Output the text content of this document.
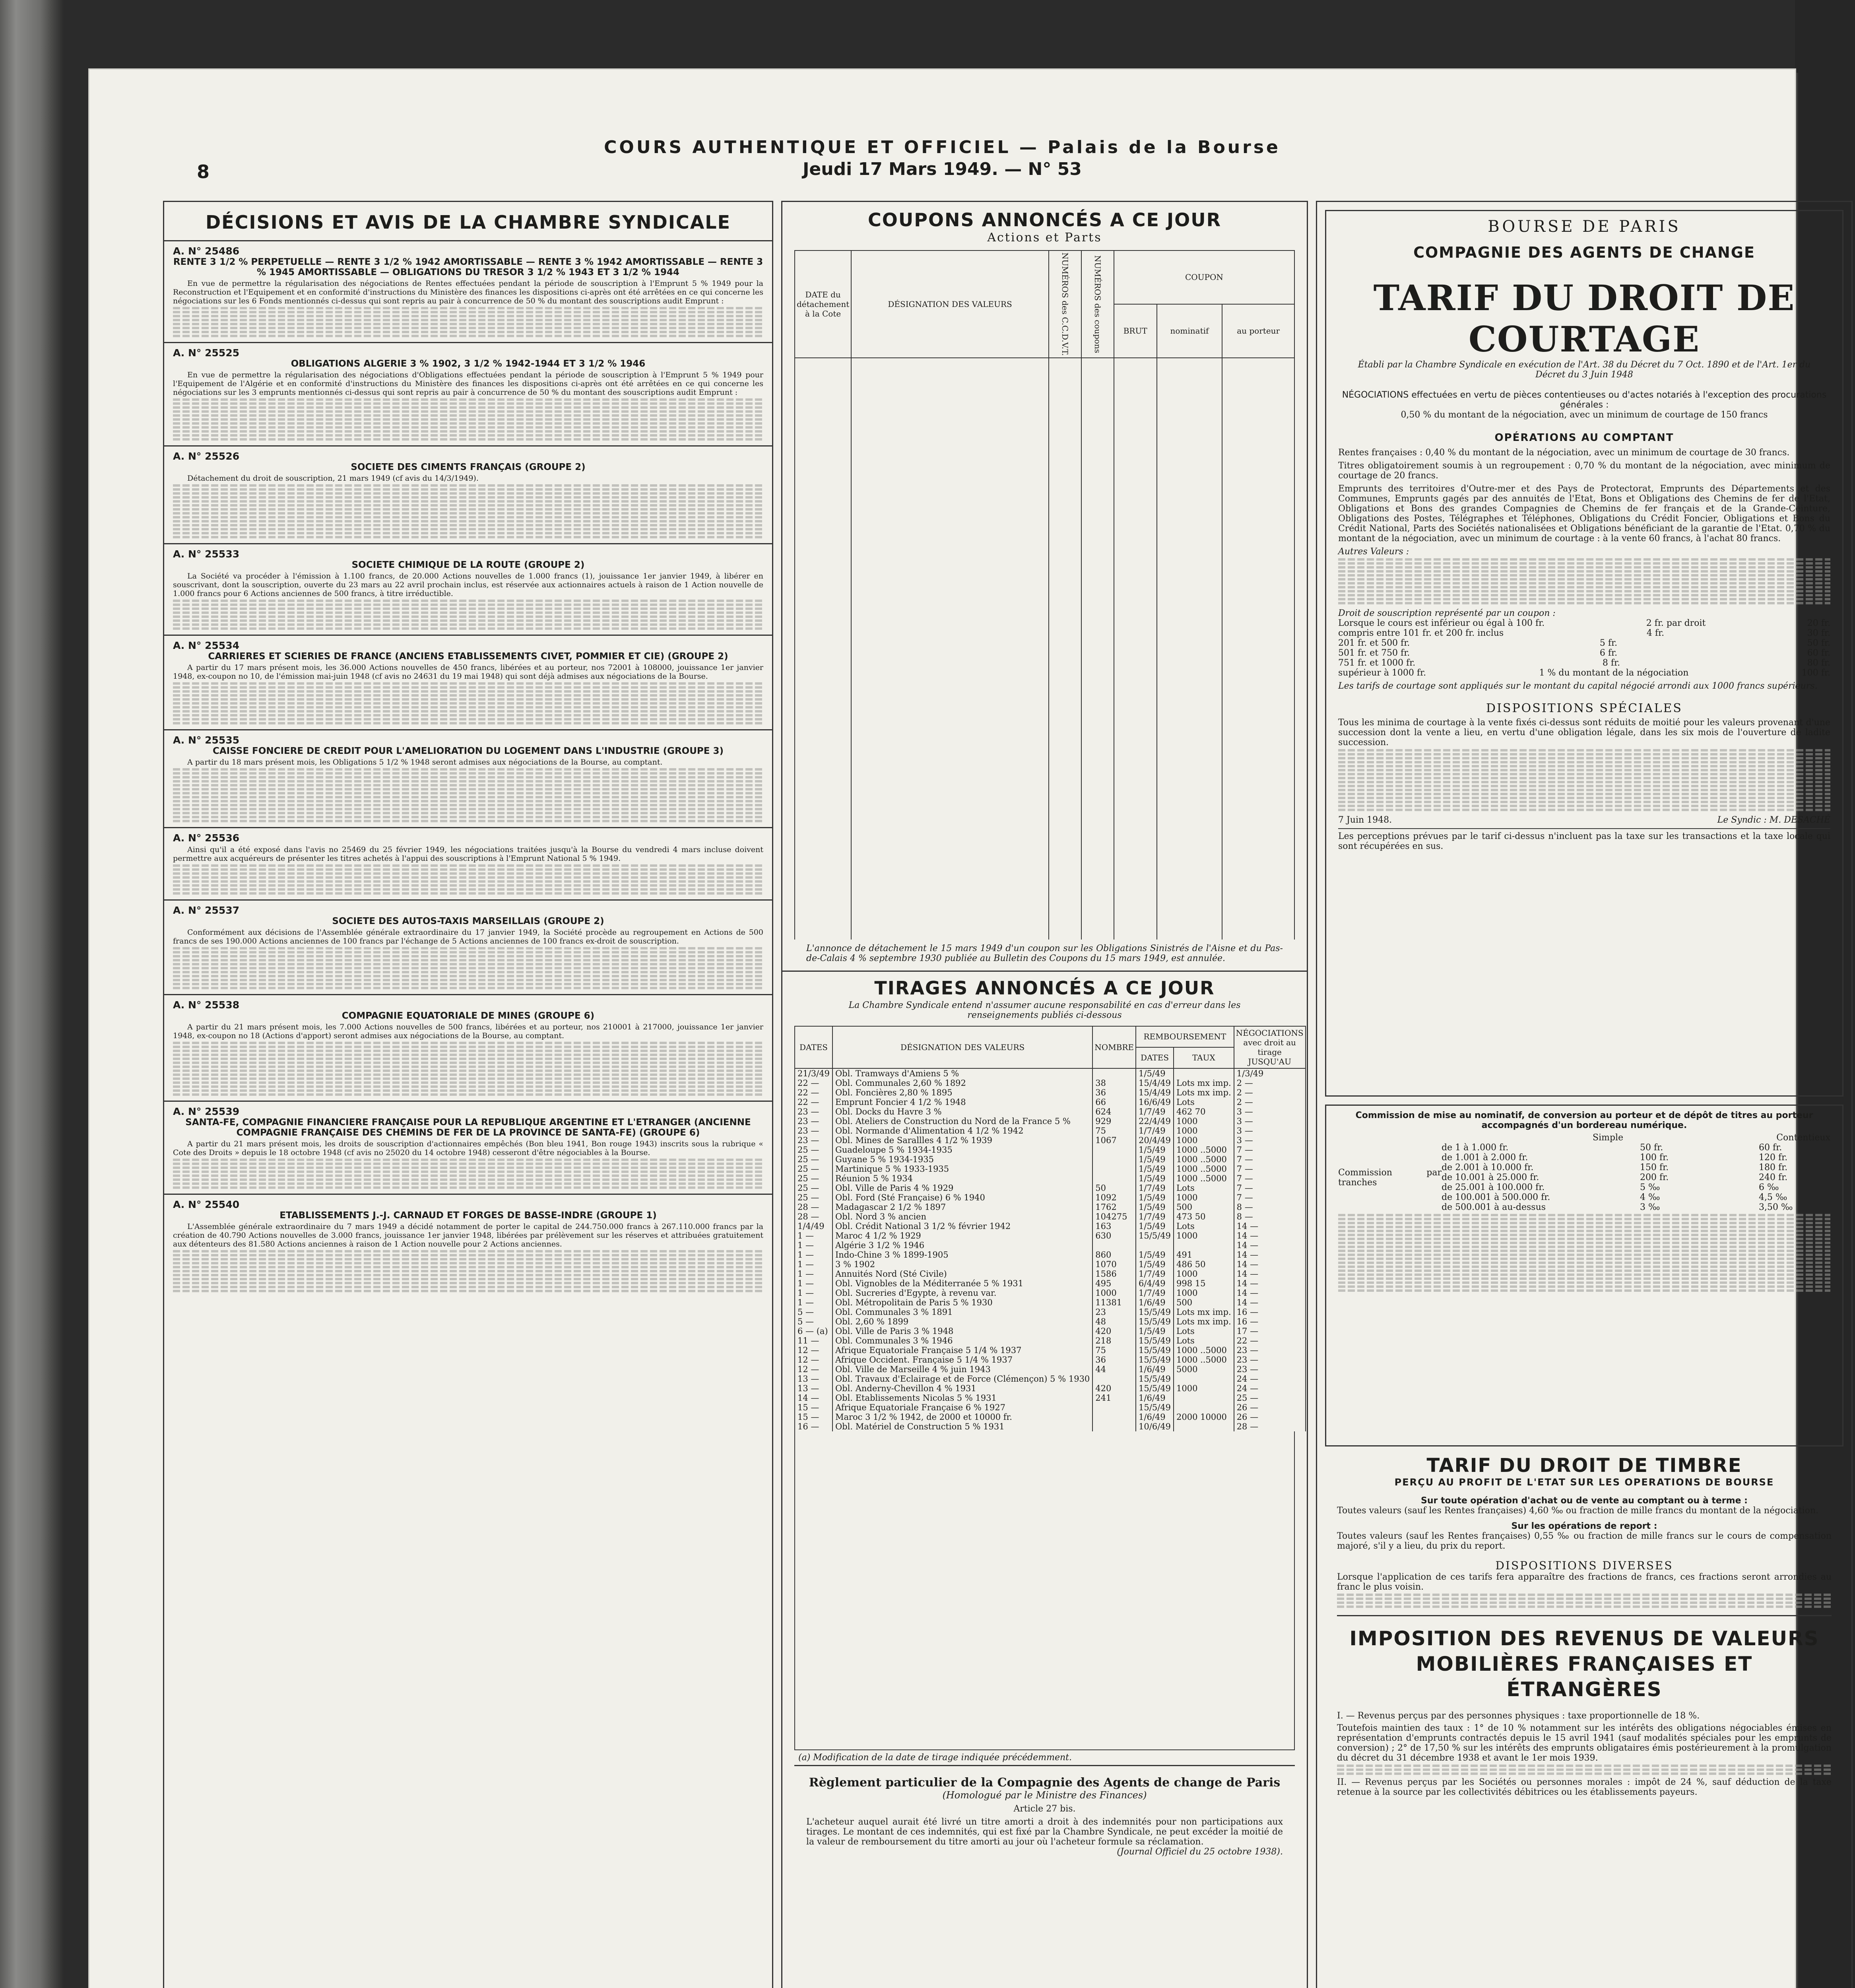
8
COURS AUTHENTIQUE ET OFFICIEL — Palais de la Bourse
Jeudi 17 Mars 1949. — N° 53
DÉCISIONS ET AVIS DE LA CHAMBRE SYNDICALE
A. N° 25486
RENTE 3 1/2 % PERPETUELLE — RENTE 3 1/2 % 1942 AMORTISSABLE — RENTE 3 % 1942 AMORTISSABLE — RENTE 3 % 1945 AMORTISSABLE — OBLIGATIONS DU TRESOR 3 1/2 % 1943 ET 3 1/2 % 1944

En vue de permettre la régularisation des négociations de Rentes effectuées pendant la période de souscription à l'Emprunt 5 % 1949 pour la Reconstruction et l'Equipement et en conformité d'instructions du Ministère des finances les dispositions ci-après ont été arrêtées en ce qui concerne les négociations sur les 6 Fonds mentionnés ci-dessus qui sont repris au pair à concurrence de 50 % du montant des souscriptions audit Emprunt :

A. N° 25525
OBLIGATIONS ALGERIE 3 % 1902, 3 1/2 % 1942-1944 ET 3 1/2 % 1946

En vue de permettre la régularisation des négociations d'Obligations effectuées pendant la période de souscription à l'Emprunt 5 % 1949 pour l'Equipement de l'Algérie et en conformité d'instructions du Ministère des finances les dispositions ci-après ont été arrêtées en ce qui concerne les négociations sur les 3 emprunts mentionnés ci-dessus qui sont repris au pair à concurrence de 50 % du montant des souscriptions audit Emprunt :

A. N° 25526
SOCIETE DES CIMENTS FRANÇAIS (GROUPE 2)

Détachement du droit de souscription, 21 mars 1949 (cf avis du 14/3/1949).

A. N° 25533
SOCIETE CHIMIQUE DE LA ROUTE (GROUPE 2)

La Société va procéder à l'émission à 1.100 francs, de 20.000 Actions nouvelles de 1.000 francs (1), jouissance 1er janvier 1949, à libérer en souscrivant, dont la souscription, ouverte du 23 mars au 22 avril prochain inclus, est réservée aux actionnaires actuels à raison de 1 Action nouvelle de 1.000 francs pour 6 Actions anciennes de 500 francs, à titre irréductible.

A. N° 25534
CARRIERES ET SCIERIES DE FRANCE (ANCIENS ETABLISSEMENTS CIVET, POMMIER ET CIE) (GROUPE 2)

A partir du 17 mars présent mois, les 36.000 Actions nouvelles de 450 francs, libérées et au porteur, nos 72001 à 108000, jouissance 1er janvier 1948, ex-coupon no 10, de l'émission mai-juin 1948 (cf avis no 24631 du 19 mai 1948) qui sont déjà admises aux négociations de la Bourse.

A. N° 25535
CAISSE FONCIERE DE CREDIT POUR L'AMELIORATION DU LOGEMENT DANS L'INDUSTRIE (GROUPE 3)

A partir du 18 mars présent mois, les Obligations 5 1/2 % 1948 seront admises aux négociations de la Bourse, au comptant.

A. N° 25536

Ainsi qu'il a été exposé dans l'avis no 25469 du 25 février 1949, les négociations traitées jusqu'à la Bourse du vendredi 4 mars incluse doivent permettre aux acquéreurs de présenter les titres achetés à l'appui des souscriptions à l'Emprunt National 5 % 1949.

A. N° 25537
SOCIETE DES AUTOS-TAXIS MARSEILLAIS (GROUPE 2)

Conformément aux décisions de l'Assemblée générale extraordinaire du 17 janvier 1949, la Société procède au regroupement en Actions de 500 francs de ses 190.000 Actions anciennes de 100 francs par l'échange de 5 Actions anciennes de 100 francs ex-droit de souscription.

A. N° 25538
COMPAGNIE EQUATORIALE DE MINES (GROUPE 6)

A partir du 21 mars présent mois, les 7.000 Actions nouvelles de 500 francs, libérées et au porteur, nos 210001 à 217000, jouissance 1er janvier 1948, ex-coupon no 18 (Actions d'apport) seront admises aux négociations de la Bourse, au comptant.

A. N° 25539
SANTA-FE, COMPAGNIE FINANCIERE FRANÇAISE POUR LA REPUBLIQUE ARGENTINE ET L'ETRANGER (ANCIENNE COMPAGNIE FRANÇAISE DES CHEMINS DE FER DE LA PROVINCE DE SANTA-FE) (GROUPE 6)

A partir du 21 mars présent mois, les droits de souscription d'actionnaires empêchés (Bon bleu 1941, Bon rouge 1943) inscrits sous la rubrique « Cote des Droits » depuis le 18 octobre 1948 (cf avis no 25020 du 14 octobre 1948) cesseront d'être négociables à la Bourse.

A. N° 25540
ETABLISSEMENTS J.-J. CARNAUD ET FORGES DE BASSE-INDRE (GROUPE 1)

L'Assemblée générale extraordinaire du 7 mars 1949 a décidé notamment de porter le capital de 244.750.000 francs à 267.110.000 francs par la création de 40.790 Actions nouvelles de 3.000 francs, jouissance 1er janvier 1948, libérées par prélèvement sur les réserves et attribuées gratuitement aux détenteurs des 81.580 Actions anciennes à raison de 1 Action nouvelle pour 2 Actions anciennes.

COUPONS ANNONCÉS A CE JOUR
Actions et Parts
DATE du détachement à la Cote	DÉSIGNATION DES VALEURS	NUMÉROS des C.C.D.V.T.	NUMÉROS des coupons	COUPON		
				BRUT	nominatif	au porteur

L'annonce de détachement le 15 mars 1949 d'un coupon sur les Obligations Sinistrés de l'Aisne et du Pas-de-Calais 4 % septembre 1930 publiée au Bulletin des Coupons du 15 mars 1949, est annulée.
TIRAGES ANNONCÉS A CE JOUR
La Chambre Syndicale entend n'assumer aucune responsabilité en cas d'erreur dans les renseignements publiés ci-dessous
DATES	DÉSIGNATION DES VALEURS	NOMBRE	REMBOURSEMENT		NÉGOCIATIONS avec droit au tirage JUSQU'AU
			DATES	TAUX	
21/3/49	Obl. Tramways d'Amiens 5 %		1/5/49		1/3/49
22 —	Obl. Communales 2,60 % 1892	38	15/4/49	Lots mx imp.	2 —
22 —	Obl. Foncières 2,80 % 1895	36	15/4/49	Lots mx imp.	2 —
22 —	Emprunt Foncier 4 1/2 % 1948	66	16/6/49	Lots	2 —
23 —	Obl. Docks du Havre 3 %	624	1/7/49	462 70	3 —
23 —	Obl. Ateliers de Construction du Nord de la France 5 %	929	22/4/49	1000	3 —
23 —	Obl. Normande d'Alimentation 4 1/2 % 1942	75	1/7/49	1000	3 —
23 —	Obl. Mines de Sarallles 4 1/2 % 1939	1067	20/4/49	1000	3 —
25 —	Guadeloupe 5 % 1934-1935		1/5/49	1000 ..5000	7 —
25 —	Guyane 5 % 1934-1935		1/5/49	1000 ..5000	7 —
25 —	Martinique 5 % 1933-1935		1/5/49	1000 ..5000	7 —
25 —	Réunion 5 % 1934		1/5/49	1000 ..5000	7 —
25 —	Obl. Ville de Paris 4 % 1929	50	1/7/49	Lots	7 —
25 —	Obl. Ford (Sté Française) 6 % 1940	1092	1/5/49	1000	7 —
28 —	Madagascar 2 1/2 % 1897	1762	1/5/49	500	8 —
28 —	Obl. Nord 3 % ancien	104275	1/7/49	473 50	8 —
1/4/49	Obl. Crédit National 3 1/2 % février 1942	163	1/5/49	Lots	14 —
1 —	Maroc 4 1/2 % 1929	630	15/5/49	1000	14 —
1 —	Algérie 3 1/2 % 1946				14 —
1 —	Indo-Chine 3 % 1899-1905	860	1/5/49	491	14 —
1 —	3 % 1902	1070	1/5/49	486 50	14 —
1 —	Annuités Nord (Sté Civile)	1586	1/7/49	1000	14 —
1 —	Obl. Vignobles de la Méditerranée 5 % 1931	495	6/4/49	998 15	14 —
1 —	Obl. Sucreries d'Egypte, à revenu var.	1000	1/7/49	1000	14 —
1 —	Obl. Métropolitain de Paris 5 % 1930	11381	1/6/49	500	14 —
5 —	Obl. Communales 3 % 1891	23	15/5/49	Lots mx imp.	16 —
5 —	Obl. 2,60 % 1899	48	15/5/49	Lots mx imp.	16 —
6 — (a)	Obl. Ville de Paris 3 % 1948	420	1/5/49	Lots	17 —
11 —	Obl. Communales 3 % 1946	218	15/5/49	Lots	22 —
12 —	Afrique Equatoriale Française 5 1/4 % 1937	75	15/5/49	1000 ..5000	23 —
12 —	Afrique Occident. Française 5 1/4 % 1937	36	15/5/49	1000 ..5000	23 —
12 —	Obl. Ville de Marseille 4 % juin 1943	44	1/6/49	5000	23 —
13 —	Obl. Travaux d'Eclairage et de Force (Clémençon) 5 % 1930		15/5/49		24 —
13 —	Obl. Anderny-Chevillon 4 % 1931	420	15/5/49	1000	24 —
14 —	Obl. Etablissements Nicolas 5 % 1931	241	1/6/49		25 —
15 —	Afrique Equatoriale Française 6 % 1927		15/5/49		26 —
15 —	Maroc 3 1/2 % 1942, de 2000 et 10000 fr.		1/6/49	2000 10000	26 —
16 —	Obl. Matériel de Construction 5 % 1931		10/6/49		28 —
(a) Modification de la date de tirage indiquée précédemment.
Règlement particulier de la Compagnie des Agents de change de Paris
(Homologué par le Ministre des Finances)
Article 27 bis.
L'acheteur auquel aurait été livré un titre amorti a droit à des indemnités pour non participations aux tirages. Le montant de ces indemnités, qui est fixé par la Chambre Syndicale, ne peut excéder la moitié de la valeur de remboursement du titre amorti au jour où l'acheteur formule sa réclamation.
(Journal Officiel du 25 octobre 1938).
BOURSE DE PARIS
COMPAGNIE DES AGENTS DE CHANGE
TARIF DU DROIT DE COURTAGE
Établi par la Chambre Syndicale en exécution de l'Art. 38 du Décret du 7 Oct. 1890 et de l'Art. 1er du Décret du 3 Juin 1948
NÉGOCIATIONS effectuées en vertu de pièces contentieuses ou d'actes notariés à l'exception des procurations générales :
0,50 % du montant de la négociation, avec un minimum de courtage de 150 francs
OPÉRATIONS AU COMPTANT
Rentes françaises : 0,40 % du montant de la négociation, avec un minimum de courtage de 30 francs.
Titres obligatoirement soumis à un regroupement : 0,70 % du montant de la négociation, avec minimum de courtage de 20 francs.
Emprunts des territoires d'Outre-mer et des Pays de Protectorat, Emprunts des Départements et des Communes, Emprunts gagés par des annuités de l'Etat, Bons et Obligations des Chemins de fer de l'Etat, Obligations et Bons des grandes Compagnies de Chemins de fer français et de la Grande-Ceinture, Obligations des Postes, Télégraphes et Téléphones, Obligations du Crédit Foncier, Obligations et Bons du Crédit National, Parts des Sociétés nationalisées et Obligations bénéficiant de la garantie de l'Etat. 0,70 % du montant de la négociation, avec un minimum de courtage : à la vente 60 francs, à l'achat 80 francs.
Autres Valeurs :
Droit de souscription représenté par un coupon :
Lorsque le cours est inférieur ou égal à 100 fr.	2 fr. par droit	20 fr.
compris entre 101 fr. et 200 fr. inclus	4 fr.	30 fr.
201 fr. et 500 fr.	5 fr.	50 fr.
501 fr. et 750 fr.	6 fr.	60 fr.
751 fr. et 1000 fr.	8 fr.	80 fr.
supérieur à 1000 fr.	1 % du montant de la négociation	100 fr.
Les tarifs de courtage sont appliqués sur le montant du capital négocié arrondi aux 1000 francs supérieurs.
DISPOSITIONS SPÉCIALES
Tous les minima de courtage à la vente fixés ci-dessus sont réduits de moitié pour les valeurs provenant d'une succession dont la vente a lieu, en vertu d'une obligation légale, dans les six mois de l'ouverture de ladite succession.
7 Juin 1948.	Le Syndic : M. DESACHÉ
Les perceptions prévues par le tarif ci-dessus n'incluent pas la taxe sur les transactions et la taxe locale qui sont récupérées en sus.
Commission de mise au nominatif, de conversion au porteur et de dépôt de titres au porteur accompagnés d'un bordereau numérique.
Simple	Contentieux
Commission par tranches
de 1 à 1.000 fr.	50 fr.	60 fr.
de 1.001 à 2.000 fr.	100 fr.	120 fr.
de 2.001 à 10.000 fr.	150 fr.	180 fr.
de 10.001 à 25.000 fr.	200 fr.	240 fr.
de 25.001 à 100.000 fr.	5 ‰	6 ‰
de 100.001 à 500.000 fr.	4 ‰	4,5 ‰
de 500.001 à au-dessus	3 ‰	3,50 ‰
TARIF DU DROIT DE TIMBRE
PERÇU AU PROFIT DE L'ETAT SUR LES OPERATIONS DE BOURSE
Sur toute opération d'achat ou de vente au comptant ou à terme :
Toutes valeurs (sauf les Rentes françaises) 4,60 ‰ ou fraction de mille francs du montant de la négociation.
Sur les opérations de report :
Toutes valeurs (sauf les Rentes françaises) 0,55 ‰ ou fraction de mille francs sur le cours de compensation majoré, s'il y a lieu, du prix du report.
DISPOSITIONS DIVERSES
Lorsque l'application de ces tarifs fera apparaître des fractions de francs, ces fractions seront arrondies au franc le plus voisin.
IMPOSITION DES REVENUS DE VALEURS MOBILIÈRES FRANÇAISES ET ÉTRANGÈRES
I. — Revenus perçus par des personnes physiques : taxe proportionnelle de 18 %.
Toutefois maintien des taux : 1° de 10 % notamment sur les intérêts des obligations négociables émises en représentation d'emprunts contractés depuis le 15 avril 1941 (sauf modalités spéciales pour les emprunts de conversion) ; 2° de 17,50 % sur les intérêts des emprunts obligataires émis postérieurement à la promulgation du décret du 31 décembre 1938 et avant le 1er mois 1939.
II. — Revenus perçus par les Sociétés ou personnes morales : impôt de 24 %, sauf déduction de la taxe retenue à la source par les collectivités débitrices ou les établissements payeurs.
